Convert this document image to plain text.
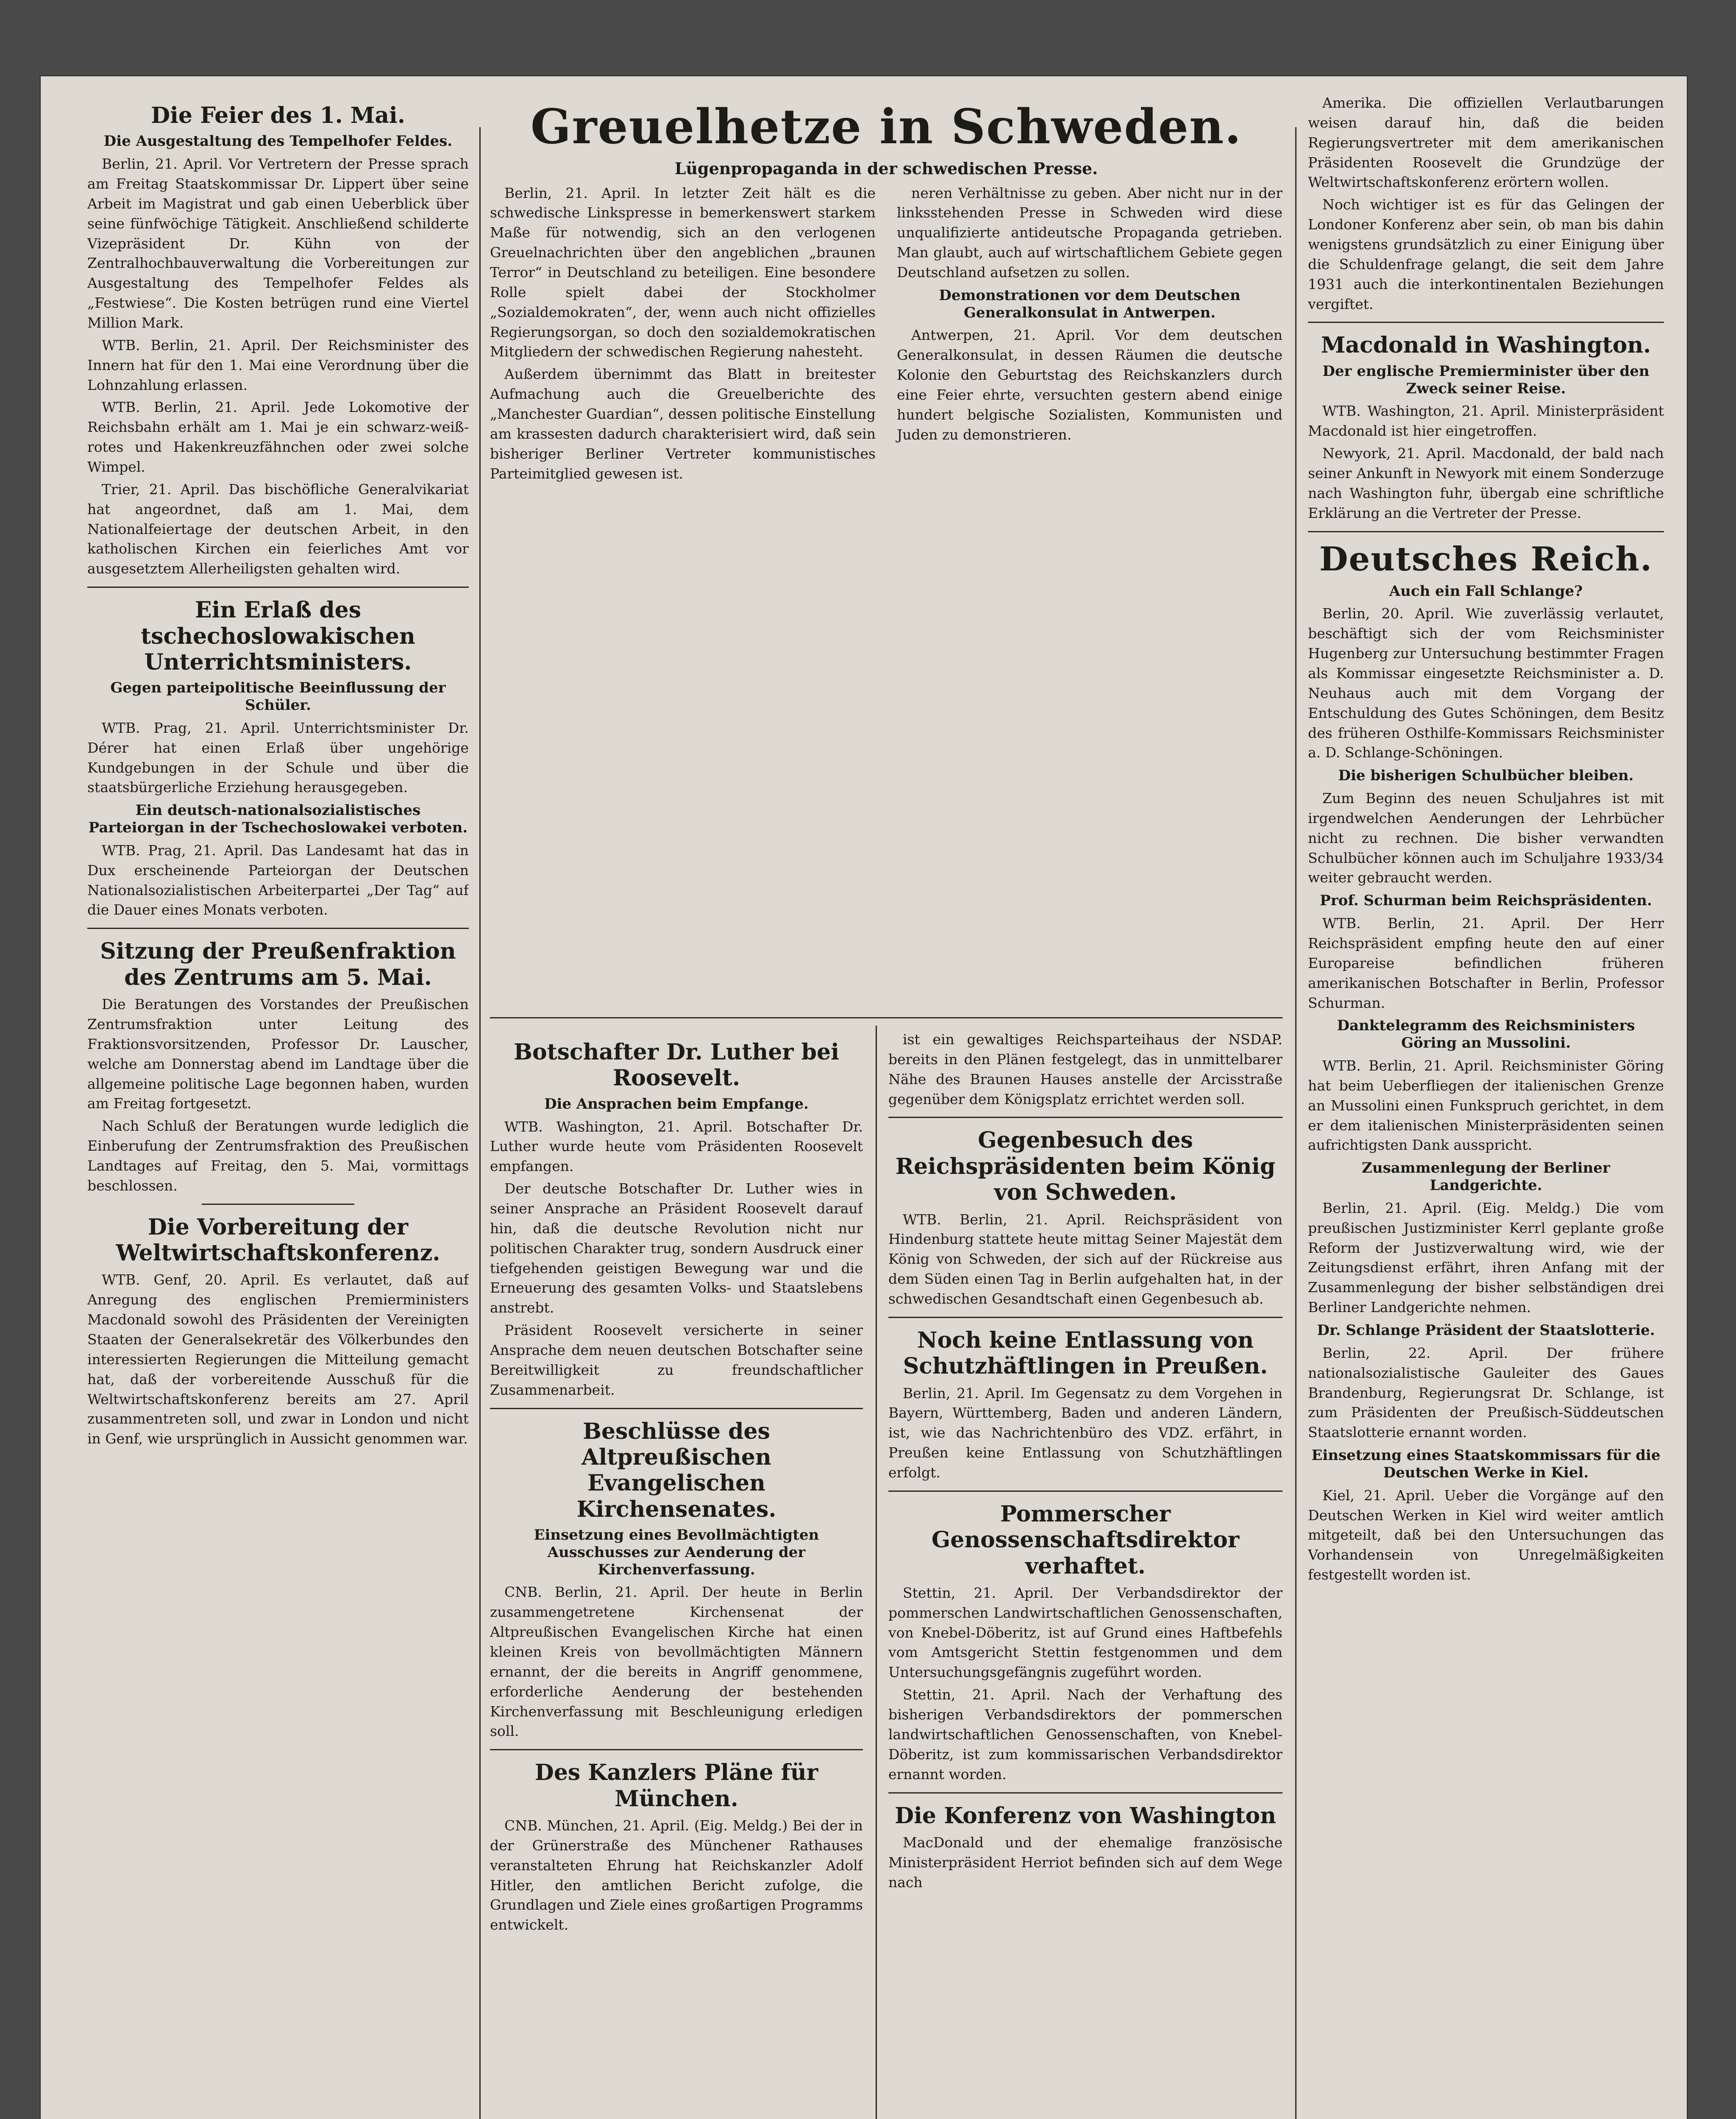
Die Feier des 1. Mai.
Die Ausgestaltung des Tempelhofer Feldes.

Berlin, 21. April. Vor Vertretern der Presse sprach am Freitag Staatskommissar Dr. Lippert über seine Arbeit im Magistrat und gab einen Ueberblick über seine fünfwöchige Tätigkeit. Anschließend schilderte Vizepräsident Dr. Kühn von der Zentralhochbauverwaltung die Vorbereitungen zur Ausgestaltung des Tempelhofer Feldes als „Festwiese“. Die Kosten betrügen rund eine Viertel Million Mark.

WTB. Berlin, 21. April. Der Reichsminister des Innern hat für den 1. Mai eine Verordnung über die Lohnzahlung erlassen.

WTB. Berlin, 21. April. Jede Lokomotive der Reichsbahn erhält am 1. Mai je ein schwarz-weiß-rotes und Hakenkreuzfähnchen oder zwei solche Wimpel.

Trier, 21. April. Das bischöfliche Generalvikariat hat angeordnet, daß am 1. Mai, dem Nationalfeiertage der deutschen Arbeit, in den katholischen Kirchen ein feierliches Amt vor ausgesetztem Allerheiligsten gehalten wird.

Ein Erlaß des tschechoslowakischen Unterrichtsministers.
Gegen parteipolitische Beeinflussung der Schüler.

WTB. Prag, 21. April. Unterrichtsminister Dr. Dérer hat einen Erlaß über ungehörige Kundgebungen in der Schule und über die staatsbürgerliche Erziehung herausgegeben.

Ein deutsch-nationalsozialistisches Parteiorgan in der Tschechoslowakei verboten.

WTB. Prag, 21. April. Das Landesamt hat das in Dux erscheinende Parteiorgan der Deutschen Nationalsozialistischen Arbeiterpartei „Der Tag“ auf die Dauer eines Monats verboten.

Sitzung der Preußenfraktion des Zentrums am 5. Mai.

Die Beratungen des Vorstandes der Preußischen Zentrumsfraktion unter Leitung des Fraktionsvorsitzenden, Professor Dr. Lauscher, welche am Donnerstag abend im Landtage über die allgemeine politische Lage begonnen haben, wurden am Freitag fortgesetzt.

Nach Schluß der Beratungen wurde lediglich die Einberufung der Zentrumsfraktion des Preußischen Landtages auf Freitag, den 5. Mai, vormittags beschlossen.

Die Vorbereitung der Weltwirtschaftskonferenz.

WTB. Genf, 20. April. Es verlautet, daß auf Anregung des englischen Premierministers Macdonald sowohl des Präsidenten der Vereinigten Staaten der Generalsekretär des Völkerbundes den interessierten Regierungen die Mitteilung gemacht hat, daß der vorbereitende Ausschuß für die Weltwirtschaftskonferenz bereits am 27. April zusammentreten soll, und zwar in London und nicht in Genf, wie ursprünglich in Aussicht genommen war.

Greuelhetze in Schweden.
Lügenpropaganda in der schwedischen Presse.

Berlin, 21. April. In letzter Zeit hält es die schwedische Linkspresse in bemerkenswert starkem Maße für notwendig, sich an den verlogenen Greuelnachrichten über den angeblichen „braunen Terror“ in Deutschland zu beteiligen. Eine besondere Rolle spielt dabei der Stockholmer „Sozialdemokraten“, der, wenn auch nicht offizielles Regierungsorgan, so doch den sozialdemokratischen Mitgliedern der schwedischen Regierung nahesteht.

Außerdem übernimmt das Blatt in breitester Aufmachung auch die Greuelberichte des „Manchester Guardian“, dessen politische Einstellung am krassesten dadurch charakterisiert wird, daß sein bisheriger Berliner Vertreter kommunistisches Parteimitglied gewesen ist.

neren Verhältnisse zu geben. Aber nicht nur in der linksstehenden Presse in Schweden wird diese unqualifizierte antideutsche Propaganda getrieben. Man glaubt, auch auf wirtschaftlichem Gebiete gegen Deutschland aufsetzen zu sollen.

Demonstrationen vor dem Deutschen Generalkonsulat in Antwerpen.

Antwerpen, 21. April. Vor dem deutschen Generalkonsulat, in dessen Räumen die deutsche Kolonie den Geburtstag des Reichskanzlers durch eine Feier ehrte, versuchten gestern abend einige hundert belgische Sozialisten, Kommunisten und Juden zu demonstrieren.

Botschafter Dr. Luther bei Roosevelt.
Die Ansprachen beim Empfange.

WTB. Washington, 21. April. Botschafter Dr. Luther wurde heute vom Präsidenten Roosevelt empfangen.

Der deutsche Botschafter Dr. Luther wies in seiner Ansprache an Präsident Roosevelt darauf hin, daß die deutsche Revolution nicht nur politischen Charakter trug, sondern Ausdruck einer tiefgehenden geistigen Bewegung war und die Erneuerung des gesamten Volks- und Staatslebens anstrebt.

Präsident Roosevelt versicherte in seiner Ansprache dem neuen deutschen Botschafter seine Bereitwilligkeit zu freundschaftlicher Zusammenarbeit.

Beschlüsse des Altpreußischen Evangelischen Kirchensenates.
Einsetzung eines Bevollmächtigten Ausschusses zur Aenderung der Kirchenverfassung.

CNB. Berlin, 21. April. Der heute in Berlin zusammengetretene Kirchensenat der Altpreußischen Evangelischen Kirche hat einen kleinen Kreis von bevollmächtigten Männern ernannt, der die bereits in Angriff genommene, erforderliche Aenderung der bestehenden Kirchenverfassung mit Beschleunigung erledigen soll.

Des Kanzlers Pläne für München.

CNB. München, 21. April. (Eig. Meldg.) Bei der in der Grünerstraße des Münchener Rathauses veranstalteten Ehrung hat Reichskanzler Adolf Hitler, den amtlichen Bericht zufolge, die Grundlagen und Ziele eines großartigen Programms entwickelt.

ist ein gewaltiges Reichsparteihaus der NSDAP. bereits in den Plänen festgelegt, das in unmittelbarer Nähe des Braunen Hauses anstelle der Arcisstraße gegenüber dem Königsplatz errichtet werden soll.

Gegenbesuch des Reichspräsidenten beim König von Schweden.

WTB. Berlin, 21. April. Reichspräsident von Hindenburg stattete heute mittag Seiner Majestät dem König von Schweden, der sich auf der Rückreise aus dem Süden einen Tag in Berlin aufgehalten hat, in der schwedischen Gesandtschaft einen Gegenbesuch ab.

Noch keine Entlassung von Schutzhäftlingen in Preußen.

Berlin, 21. April. Im Gegensatz zu dem Vorgehen in Bayern, Württemberg, Baden und anderen Ländern, ist, wie das Nachrichtenbüro des VDZ. erfährt, in Preußen keine Entlassung von Schutzhäftlingen erfolgt.

Pommerscher Genossenschaftsdirektor verhaftet.

Stettin, 21. April. Der Verbandsdirektor der pommerschen Landwirtschaftlichen Genossenschaften, von Knebel-Döberitz, ist auf Grund eines Haftbefehls vom Amtsgericht Stettin festgenommen und dem Untersuchungsgefängnis zugeführt worden.

Stettin, 21. April. Nach der Verhaftung des bisherigen Verbandsdirektors der pommerschen landwirtschaftlichen Genossenschaften, von Knebel-Döberitz, ist zum kommissarischen Verbandsdirektor ernannt worden.

Die Konferenz von Washington

MacDonald und der ehemalige französische Ministerpräsident Herriot befinden sich auf dem Wege nach

Amerika. Die offiziellen Verlautbarungen weisen darauf hin, daß die beiden Regierungsvertreter mit dem amerikanischen Präsidenten Roosevelt die Grundzüge der Weltwirtschaftskonferenz erörtern wollen.

Noch wichtiger ist es für das Gelingen der Londoner Konferenz aber sein, ob man bis dahin wenigstens grundsätzlich zu einer Einigung über die Schuldenfrage gelangt, die seit dem Jahre 1931 auch die interkontinentalen Beziehungen vergiftet.

Macdonald in Washington.
Der englische Premierminister über den Zweck seiner Reise.

WTB. Washington, 21. April. Ministerpräsident Macdonald ist hier eingetroffen.

Newyork, 21. April. Macdonald, der bald nach seiner Ankunft in Newyork mit einem Sonderzuge nach Washington fuhr, übergab eine schriftliche Erklärung an die Vertreter der Presse.

Deutsches Reich.
Auch ein Fall Schlange?

Berlin, 20. April. Wie zuverlässig verlautet, beschäftigt sich der vom Reichsminister Hugenberg zur Untersuchung bestimmter Fragen als Kommissar eingesetzte Reichsminister a. D. Neuhaus auch mit dem Vorgang der Entschuldung des Gutes Schöningen, dem Besitz des früheren Osthilfe-Kommissars Reichsminister a. D. Schlange-Schöningen.

Die bisherigen Schulbücher bleiben.

Zum Beginn des neuen Schuljahres ist mit irgendwelchen Aenderungen der Lehrbücher nicht zu rechnen. Die bisher verwandten Schulbücher können auch im Schuljahre 1933/34 weiter gebraucht werden.

Prof. Schurman beim Reichspräsidenten.

WTB. Berlin, 21. April. Der Herr Reichspräsident empfing heute den auf einer Europareise befindlichen früheren amerikanischen Botschafter in Berlin, Professor Schurman.

Danktelegramm des Reichsministers Göring an Mussolini.

WTB. Berlin, 21. April. Reichsminister Göring hat beim Ueberfliegen der italienischen Grenze an Mussolini einen Funkspruch gerichtet, in dem er dem italienischen Ministerpräsidenten seinen aufrichtigsten Dank ausspricht.

Zusammenlegung der Berliner Landgerichte.

Berlin, 21. April. (Eig. Meldg.) Die vom preußischen Justizminister Kerrl geplante große Reform der Justizverwaltung wird, wie der Zeitungsdienst erfährt, ihren Anfang mit der Zusammenlegung der bisher selbständigen drei Berliner Landgerichte nehmen.

Dr. Schlange Präsident der Staatslotterie.

Berlin, 22. April. Der frühere nationalsozialistische Gauleiter des Gaues Brandenburg, Regierungsrat Dr. Schlange, ist zum Präsidenten der Preußisch-Süddeutschen Staatslotterie ernannt worden.

Einsetzung eines Staatskommissars für die Deutschen Werke in Kiel.

Kiel, 21. April. Ueber die Vorgänge auf den Deutschen Werken in Kiel wird weiter amtlich mitgeteilt, daß bei den Untersuchungen das Vorhandensein von Unregelmäßigkeiten festgestellt worden ist.
